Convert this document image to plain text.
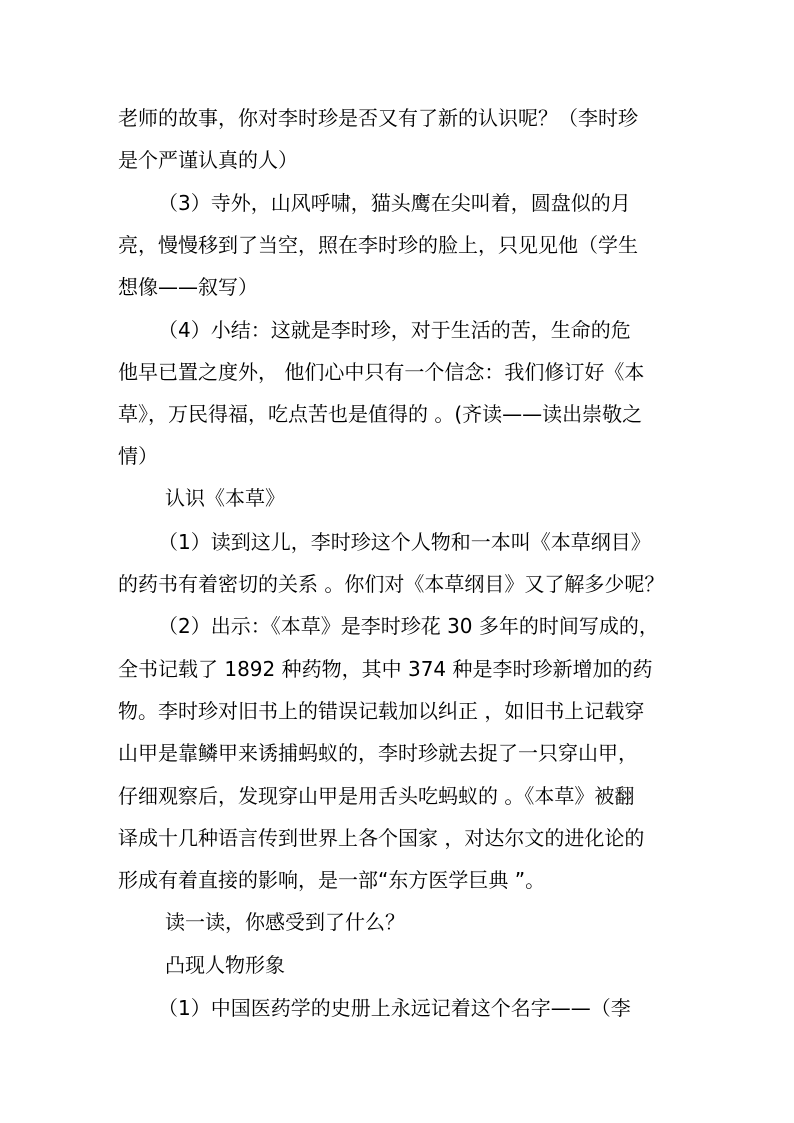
老师的故事，你对李时珍是否又有了新的认识呢？（李时珍
是个严谨认真的人）
（3）寺外，山风呼啸，猫头鹰在尖叫着，圆盘似的月
亮，慢慢移到了当空，照在李时珍的脸上，只见见他（学生
想像——叙写）
（4）小结：这就是李时珍，对于生活的苦，生命的危
他早已置之度外， 他们心中只有一个信念：我们修订好《本
草》，万民得福，吃点苦也是值得的 。(齐读——读出崇敬之
情）
认识《本草》
（1）读到这儿，李时珍这个人物和一本叫《本草纲目》
的药书有着密切的关系 。你们对《本草纲目》又了解多少呢？
（2）出示：《本草》是李时珍花 30 多年的时间写成的，
全书记载了 1892 种药物，其中 374 种是李时珍新增加的药
物。李时珍对旧书上的错误记载加以纠正 ，如旧书上记载穿
山甲是靠鳞甲来诱捕蚂蚁的，李时珍就去捉了一只穿山甲，
仔细观察后，发现穿山甲是用舌头吃蚂蚁的 。《本草》被翻
译成十几种语言传到世界上各个国家 ，对达尔文的进化论的
形成有着直接的影响，是一部“东方医学巨典 ”。
读一读，你感受到了什么？
凸现人物形象
（1）中国医药学的史册上永远记着这个名字——（李
